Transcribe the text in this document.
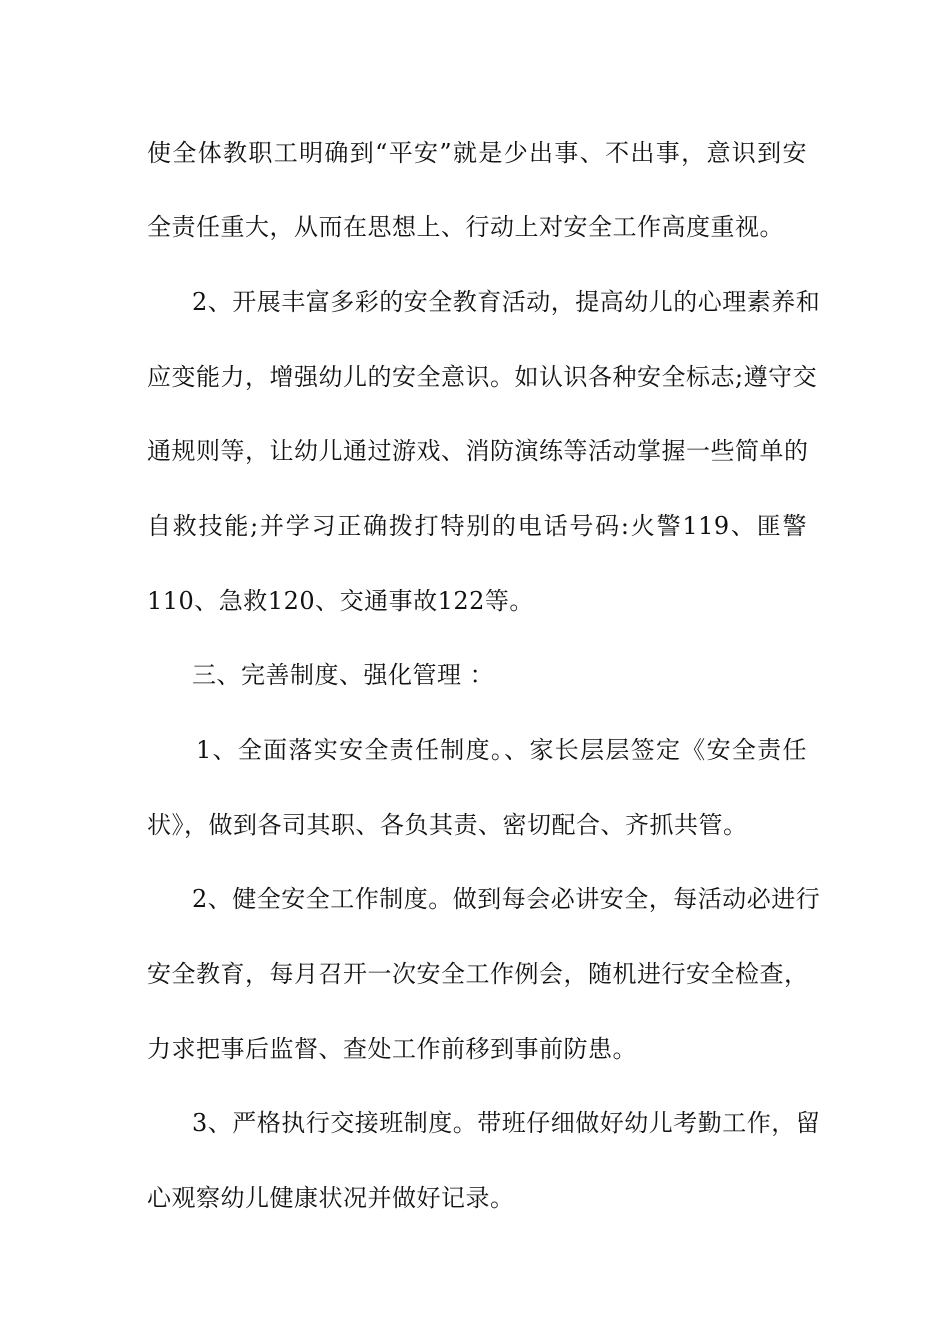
使全体教职工明确到“平安”就是少出事、不出事，意识到安
全责任重大，从而在思想上、行动上对安全工作高度重视。
2、开展丰富多彩的安全教育活动，提高幼儿的心理素养和
应变能力，增强幼儿的安全意识。如认识各种安全标志;遵守交
通规则等，让幼儿通过游戏、消防演练等活动掌握一些简单的
自救技能;并学习正确拨打特别的电话号码:火警119、匪警
110、急救120、交通事故122等。
三、完善制度、强化管理 ：
1、全面落实安全责任制度。、家长层层签定《安全责任
状》，做到各司其职、各负其责、密切配合、齐抓共管。
2、健全安全工作制度。做到每会必讲安全，每活动必进行
安全教育，每月召开一次安全工作例会，随机进行安全检查，
力求把事后监督、查处工作前移到事前防患。
3、严格执行交接班制度。带班仔细做好幼儿考勤工作，留
心观察幼儿健康状况并做好记录。
